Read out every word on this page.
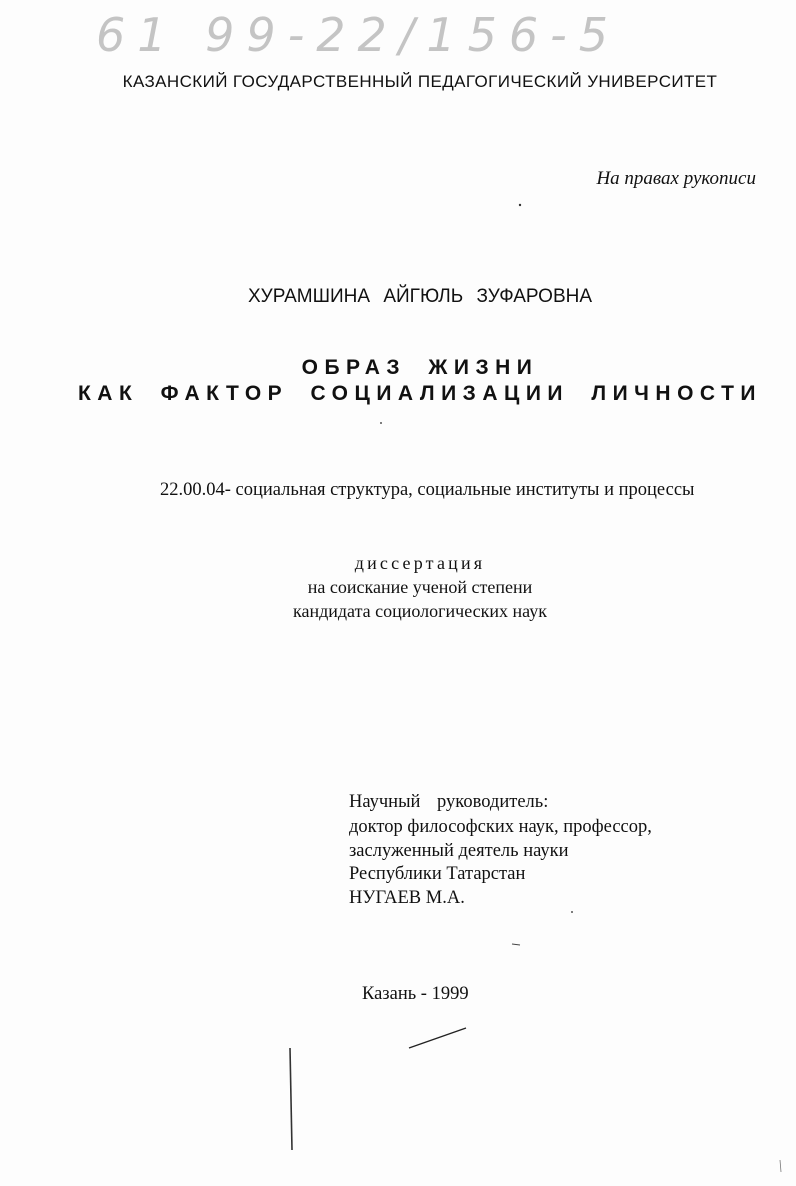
61 99-22/156-5
КАЗАНСКИЙ ГОСУДАРСТВЕННЫЙ ПЕДАГОГИЧЕСКИЙ УНИВЕРСИТЕТ
На правах рукописи
ХУРАМШИНА АЙГЮЛЬ ЗУФАРОВНА
ОБРАЗ ЖИЗНИ
КАК ФАКТОР СОЦИАЛИЗАЦИИ ЛИЧНОСТИ
22.00.04- социальная структура, социальные институты и процессы
диссертация
на соискание ученой степени
кандидата социологических наук
Научный руководитель:
доктор философских наук, профессор,
заслуженный деятель науки
Республики Татарстан
НУГАЕВ М.А.
Казань - 1999
